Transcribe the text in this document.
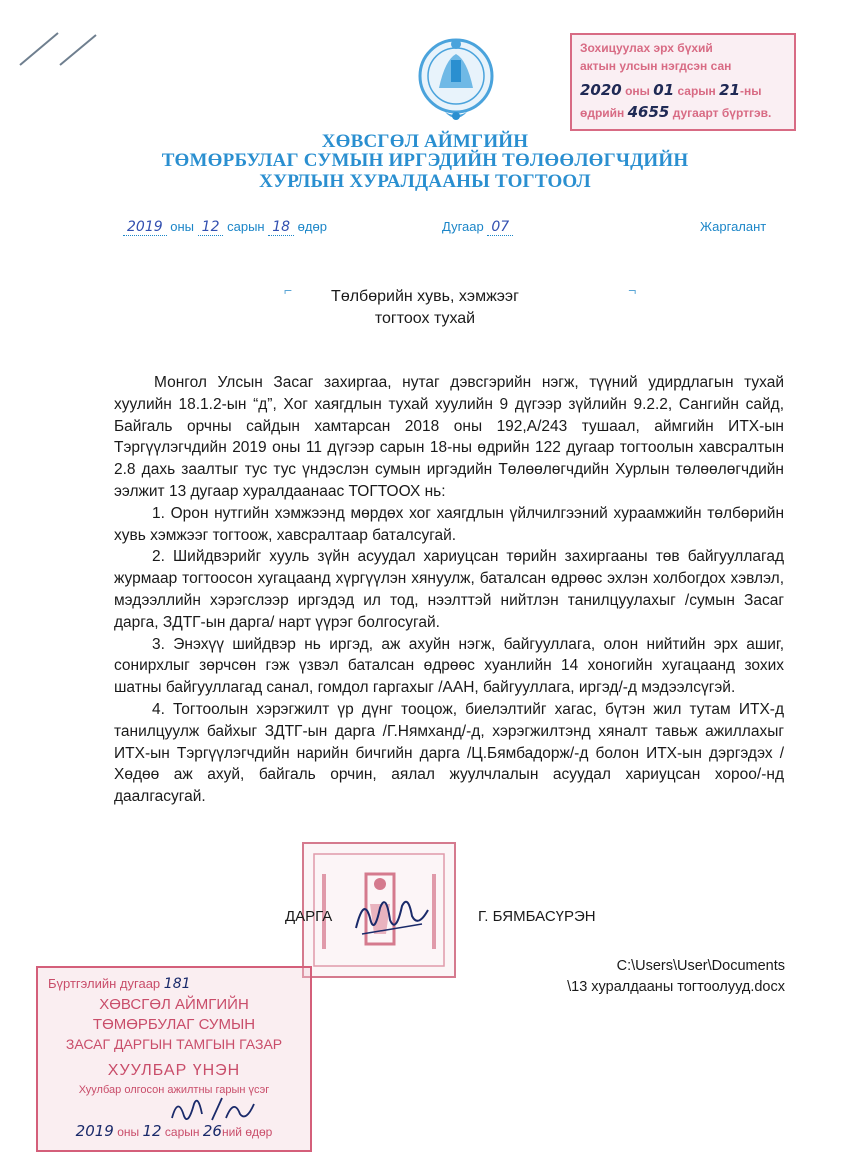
ХӨВСГӨЛ АЙМГИЙН
ТӨМӨРБУЛАГ СУМЫН ИРГЭДИЙН ТӨЛӨӨЛӨГЧДИЙН
ХУРЛЫН ХУРАЛДААНЫ ТОГТООЛ
Зохицуулах эрх бүхий
актын улсын нэгдсэн сан
2020 оны 01 сарын 21-ны
өдрийн 4655 дугаарт бүртгэв.
2019 оны 12 сарын 18 өдөр	Дугаар 07	Жаргалант
⌐	⌐
Төлбөрийн хувь, хэмжээг
тогтоох тухай

Монгол Улсын Засаг захиргаа, нутаг дэвсгэрийн нэгж, түүний удирдлагын тухай хуулийн 18.1.2-ын “д”, Хог хаягдлын тухай хуулийн 9 дүгээр зүйлийн 9.2.2, Сангийн сайд, Байгаль орчны сайдын хамтарсан 2018 оны 192,А/243 тушаал, аймгийн ИТХ-ын Тэргүүлэгчдийн 2019 оны 11 дүгээр сарын 18-ны өдрийн 122 дугаар тогтоолын хавсралтын 2.8 дахь заалтыг тус тус үндэслэн сумын иргэдийн Төлөөлөгчдийн Хурлын төлөөлөгчдийн ээлжит 13 дугаар хуралдаанаас ТОГТООХ нь:

1. Орон нутгийн хэмжээнд мөрдөх хог хаягдлын үйлчилгээний хураамжийн төлбөрийн хувь хэмжээг тогтоож, хавсралтаар батaлсугай.

2. Шийдвэрийг хууль зүйн асуудал хариуцсан төрийн захиргааны төв байгууллагад журмаар тогтоосон хугацаанд хүргүүлэн хянуулж, баталсан өдрөөс эхлэн холбогдох хэвлэл, мэдээллийн хэрэгслээр иргэдэд ил тод, нээлттэй нийтлэн танилцуулахыг /сумын Засаг дарга, ЗДТГ-ын дарга/ нарт үүрэг болгосугай.

3. Энэхүү шийдвэр нь иргэд, аж ахуйн нэгж, байгууллага, олон нийтийн эрх ашиг, сонирхлыг зөрчсөн гэж үзвэл баталсан өдрөөс хуанлийн 14 хоногийн хугацаанд зохих шатны байгууллагад санал, гомдол гаргахыг /ААН, байгууллага, иргэд/-д мэдээлсүгэй.

4. Тогтоолын хэрэгжилт үр дүнг тооцож, биелэлтийг хагас, бүтэн жил тутам ИТХ-д танилцуулж байхыг ЗДТГ-ын дарга /Г.Нямханд/-д, хэрэгжилтэнд хяналт тавьж ажиллахыг ИТХ-ын Тэргүүлэгчдийн нарийн бичгийн дарга /Ц.Бямбадорж/-д болон ИТХ-ын дэргэдэх /Хөдөө аж ахуй, байгаль орчин, аялал жуулчлалын асуудал хариуцсан хороо/-нд даалгасугай.

ДАРГА	Г. БЯМБАСҮРЭН
C:\Users\User\Documents
\13 хуралдааны тогтоолууд.docx
Бүртгэлийн дугаар 181
ХӨВСГӨЛ АЙМГИЙН
ТӨМӨРБУЛАГ СУМЫН
ЗАСАГ ДАРГЫН ТАМГЫН ГАЗАР
ХУУЛБАР ҮНЭН
Хуулбар олгосон ажилтны гарын үсэг
2019 оны 12 сарын 26ний өдөр
